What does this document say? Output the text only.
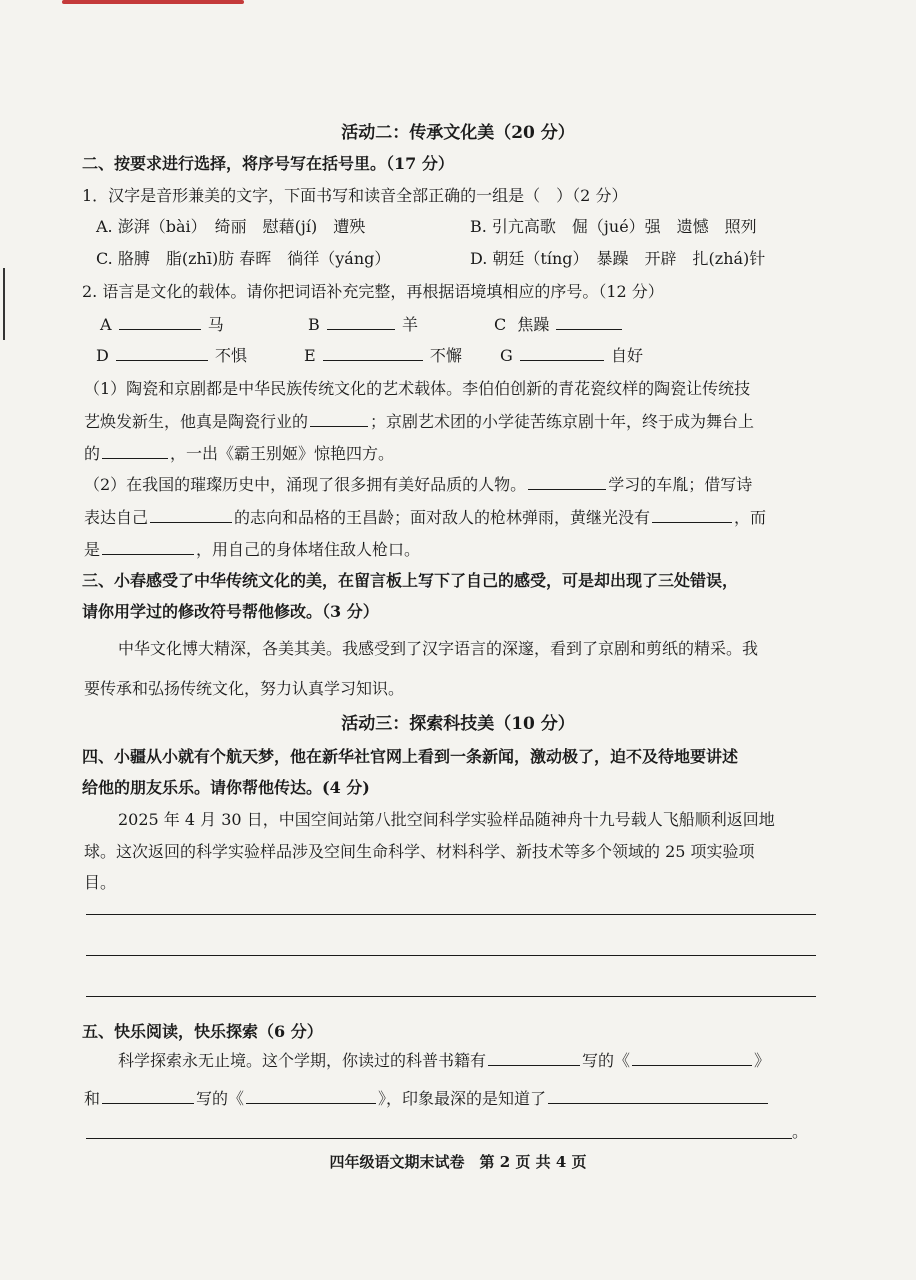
活动二：传承文化美（20 分）
二、按要求进行选择，将序号写在括号里。（17 分）
1．汉字是音形兼美的文字，下面书写和读音全部正确的一组是（　）（2 分）
A. 澎湃（bài）　绮丽　慰藉(jí)　遭殃	B. 引亢高歌　倔（jué）强　遗憾　照列
C. 胳膊　脂(zhī)肪 春晖　徜徉（yáng）	D. 朝廷（tíng）　暴躁　开辟　扎(zhá)针
2. 语言是文化的载体。请你把词语补充完整，再根据语境填相应的序号。（12 分）
A	马	B	羊	C 焦躁
D	不惧	E	不懈 G	自好
（1）陶瓷和京剧都是中华民族传统文化的艺术载体。李伯伯创新的青花瓷纹样的陶瓷让传统技
艺焕发新生，他真是陶瓷行业的	；京剧艺术团的小学徒苦练京剧十年，终于成为舞台上
的	，一出《霸王别姬》惊艳四方。
（2）在我国的璀璨历史中，涌现了很多拥有美好品质的人物。	学习的车胤；借写诗
表达自己	的志向和品格的王昌龄；面对敌人的枪林弹雨，黄继光没有	，而
是	，用自己的身体堵住敌人枪口。
三、小春感受了中华传统文化的美，在留言板上写下了自己的感受，可是却出现了三处错误，
请你用学过的修改符号帮他修改。（3 分）
中华文化博大精深，各美其美。我感受到了汉字语言的深邃，看到了京剧和剪纸的精采。我
要传承和弘扬传统文化，努力认真学习知识。
活动三：探索科技美（10 分）
四、小疆从小就有个航天梦，他在新华社官网上看到一条新闻，激动极了，迫不及待地要讲述
给他的朋友乐乐。请你帮他传达。(4 分)
2025 年 4 月 30 日，中国空间站第八批空间科学实验样品随神舟十九号载人飞船顺利返回地
球。这次返回的科学实验样品涉及空间生命科学、材料科学、新技术等多个领域的 25 项实验项
目。
五、快乐阅读，快乐探索（6 分）
科学探索永无止境。这个学期，你读过的科普书籍有	写的《	》
和	写的《	》，印象最深的是知道了
。
四年级语文期末试卷　第 2 页 共 4 页
